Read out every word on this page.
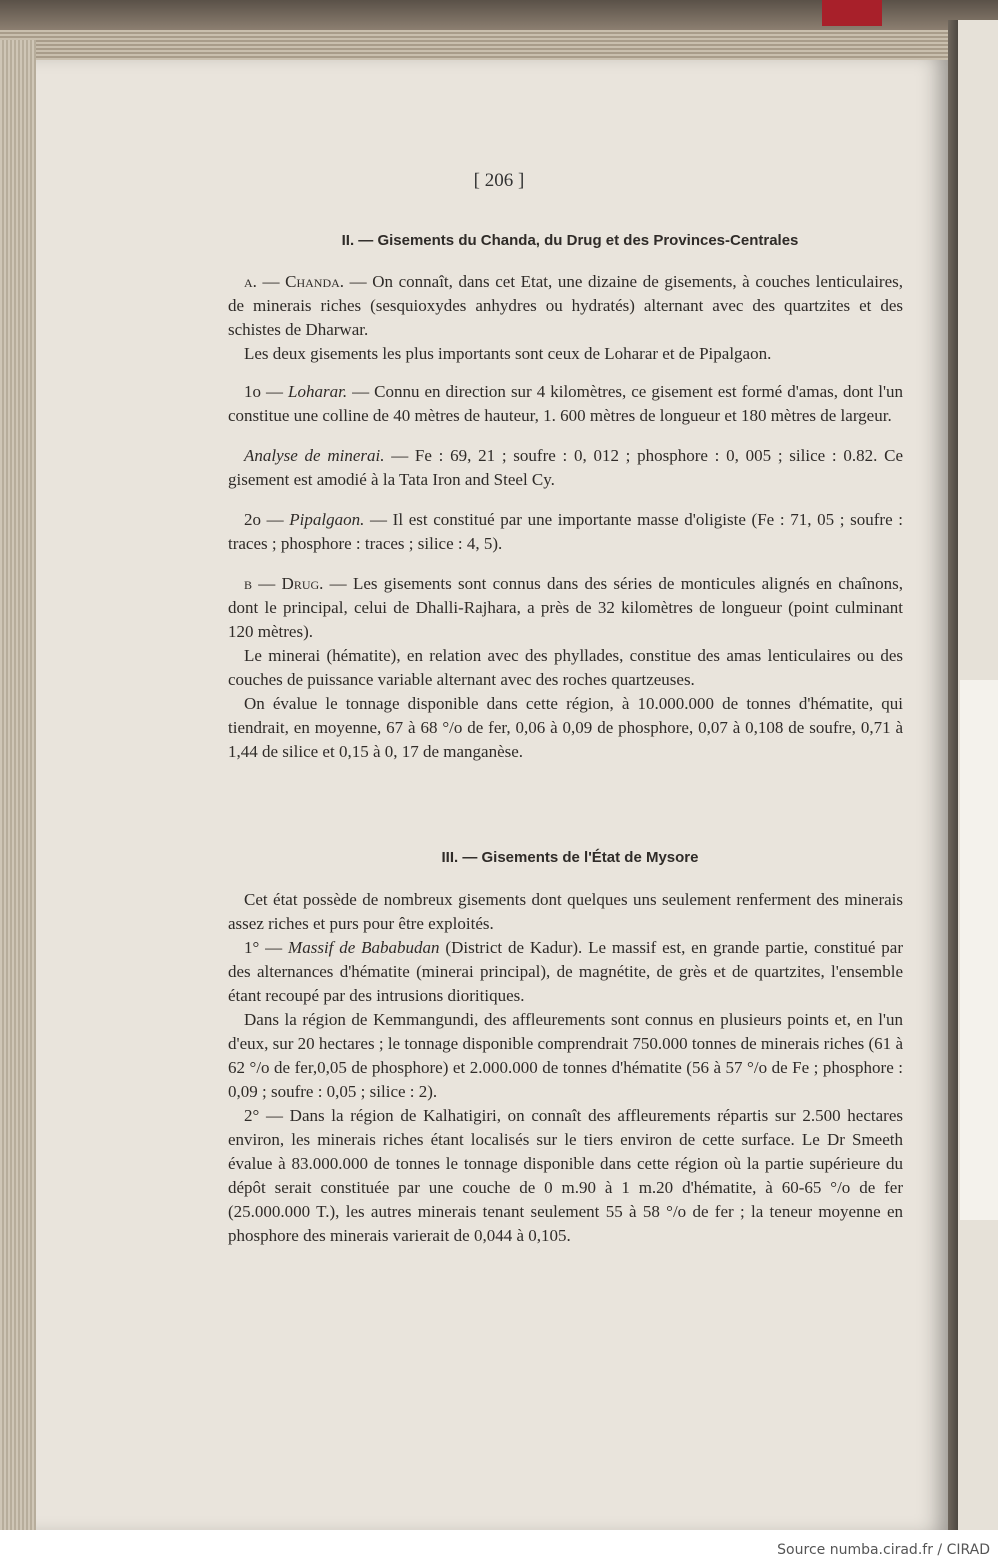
[ 206 ]
II. — Gisements du Chanda, du Drug et des Provinces-Centrales

a. — Chanda. — On connaît, dans cet Etat, une dizaine de gisements, à couches lenticulaires, de minerais riches (sesquioxydes anhydres ou hydratés) alternant avec des quartzites et des schistes de Dharwar.

Les deux gisements les plus importants sont ceux de Loharar et de Pipalgaon.

1o — Loharar. — Connu en direction sur 4 kilomètres, ce gisement est formé d'amas, dont l'un constitue une colline de 40 mètres de hauteur, 1. 600 mètres de longueur et 180 mètres de largeur.

Analyse de minerai. — Fe : 69, 21 ; soufre : 0, 012 ; phosphore : 0, 005 ; silice : 0.82. Ce gisement est amodié à la Tata Iron and Steel Cy.

2o — Pipalgaon. — Il est constitué par une importante masse d'oligiste (Fe : 71, 05 ; soufre : traces ; phosphore : traces ; silice : 4, 5).

b — Drug. — Les gisements sont connus dans des séries de monticules alignés en chaînons, dont le principal, celui de Dhalli-Rajhara, a près de 32 kilomètres de longueur (point culminant 120 mètres).

Le minerai (hématite), en relation avec des phyllades, constitue des amas lenticulaires ou des couches de puissance variable alternant avec des roches quartzeuses.

On évalue le tonnage disponible dans cette région, à 10.000.000 de tonnes d'hématite, qui tiendrait, en moyenne, 67 à 68 °/o de fer, 0,06 à 0,09 de phosphore, 0,07 à 0,108 de soufre, 0,71 à 1,44 de silice et 0,15 à 0, 17 de manganèse.

III. — Gisements de l'État de Mysore

Cet état possède de nombreux gisements dont quelques uns seulement renferment des minerais assez riches et purs pour être exploités.

1° — Massif de Bababudan (District de Kadur). Le massif est, en grande partie, constitué par des alternances d'hématite (minerai principal), de magnétite, de grès et de quartzites, l'ensemble étant recoupé par des intrusions dioritiques.

Dans la région de Kemmangundi, des affleurements sont connus en plusieurs points et, en l'un d'eux, sur 20 hectares ; le tonnage disponible comprendrait 750.000 tonnes de minerais riches (61 à 62 °/o de fer,0,05 de phosphore) et 2.000.000 de tonnes d'hématite (56 à 57 °/o de Fe ; phosphore : 0,09 ; soufre : 0,05 ; silice : 2).

2° — Dans la région de Kalhatigiri, on connaît des affleurements répartis sur 2.500 hectares environ, les minerais riches étant localisés sur le tiers environ de cette surface. Le Dr Smeeth évalue à 83.000.000 de tonnes le tonnage disponible dans cette région où la partie supérieure du dépôt serait constituée par une couche de 0 m.90 à 1 m.20 d'hématite, à 60-65 °/o de fer (25.000.000 T.), les autres minerais tenant seulement 55 à 58 °/o de fer ; la teneur moyenne en phosphore des minerais varierait de 0,044 à 0,105.

Source numba.cirad.fr / CIRAD
